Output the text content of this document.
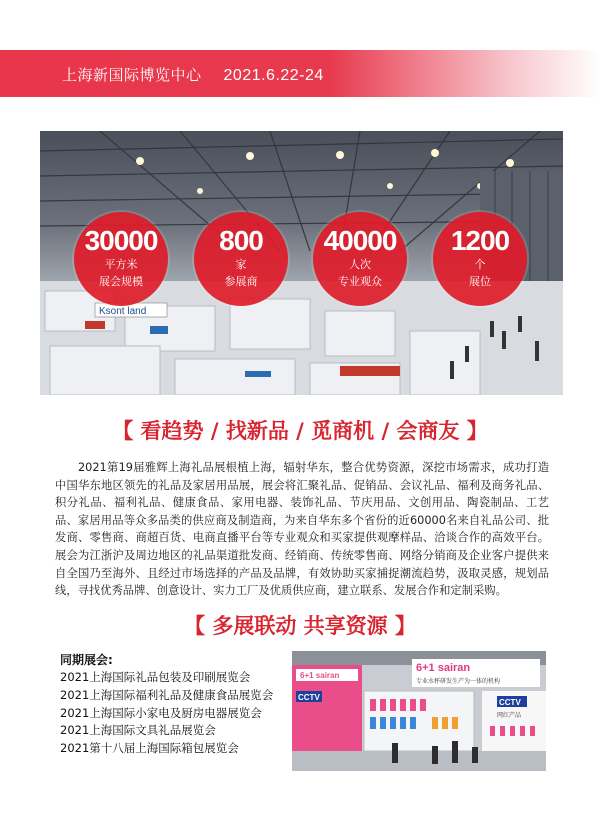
上海新国际博览中心 2021.6.22-24
Ksont land
30000
平方米
展会规模
800
家
参展商
40000
人次
专业观众
1200
个
展位
【 看趋势 / 找新品 / 觅商机 / 会商友 】
2021第19届雅辉上海礼品展根植上海，辐射华东，整合优势资源，深挖市场需求，成功打造中国华东地区领先的礼品及家居用品展，展会将汇聚礼品、促销品、会议礼品、福利及商务礼品、积分礼品、福利礼品、健康食品、家用电器、装饰礼品、节庆用品、文创用品、陶瓷制品、工艺品、家居用品等众多品类的供应商及制造商，为来自华东多个省份的近60000名来自礼品公司、批发商、零售商、商超百货、电商直播平台等专业观众和买家提供观摩样品、洽谈合作的高效平台。展会为江浙沪及周边地区的礼品渠道批发商、经销商、传统零售商、网络分销商及企业客户提供来自全国乃至海外、且经过市场选择的产品及品牌，有效协助买家捕捉潮流趋势，汲取灵感，规划品线，寻找优秀品牌、创意设计、实力工厂及优质供应商，建立联系、发展合作和定制采购。
【 多展联动 共享资源 】
同期展会:
2021上海国际礼品包装及印刷展览会
2021上海国际福利礼品及健康食品展览会
2021上海国际小家电及厨房电器展览会
2021上海国际文具礼品展览会
2021第十八届上海国际箱包展览会
6+1 sairan
CCTV
6+1 sairan
专业水杯研发生产为一体的机构
CCTV
网红产品
